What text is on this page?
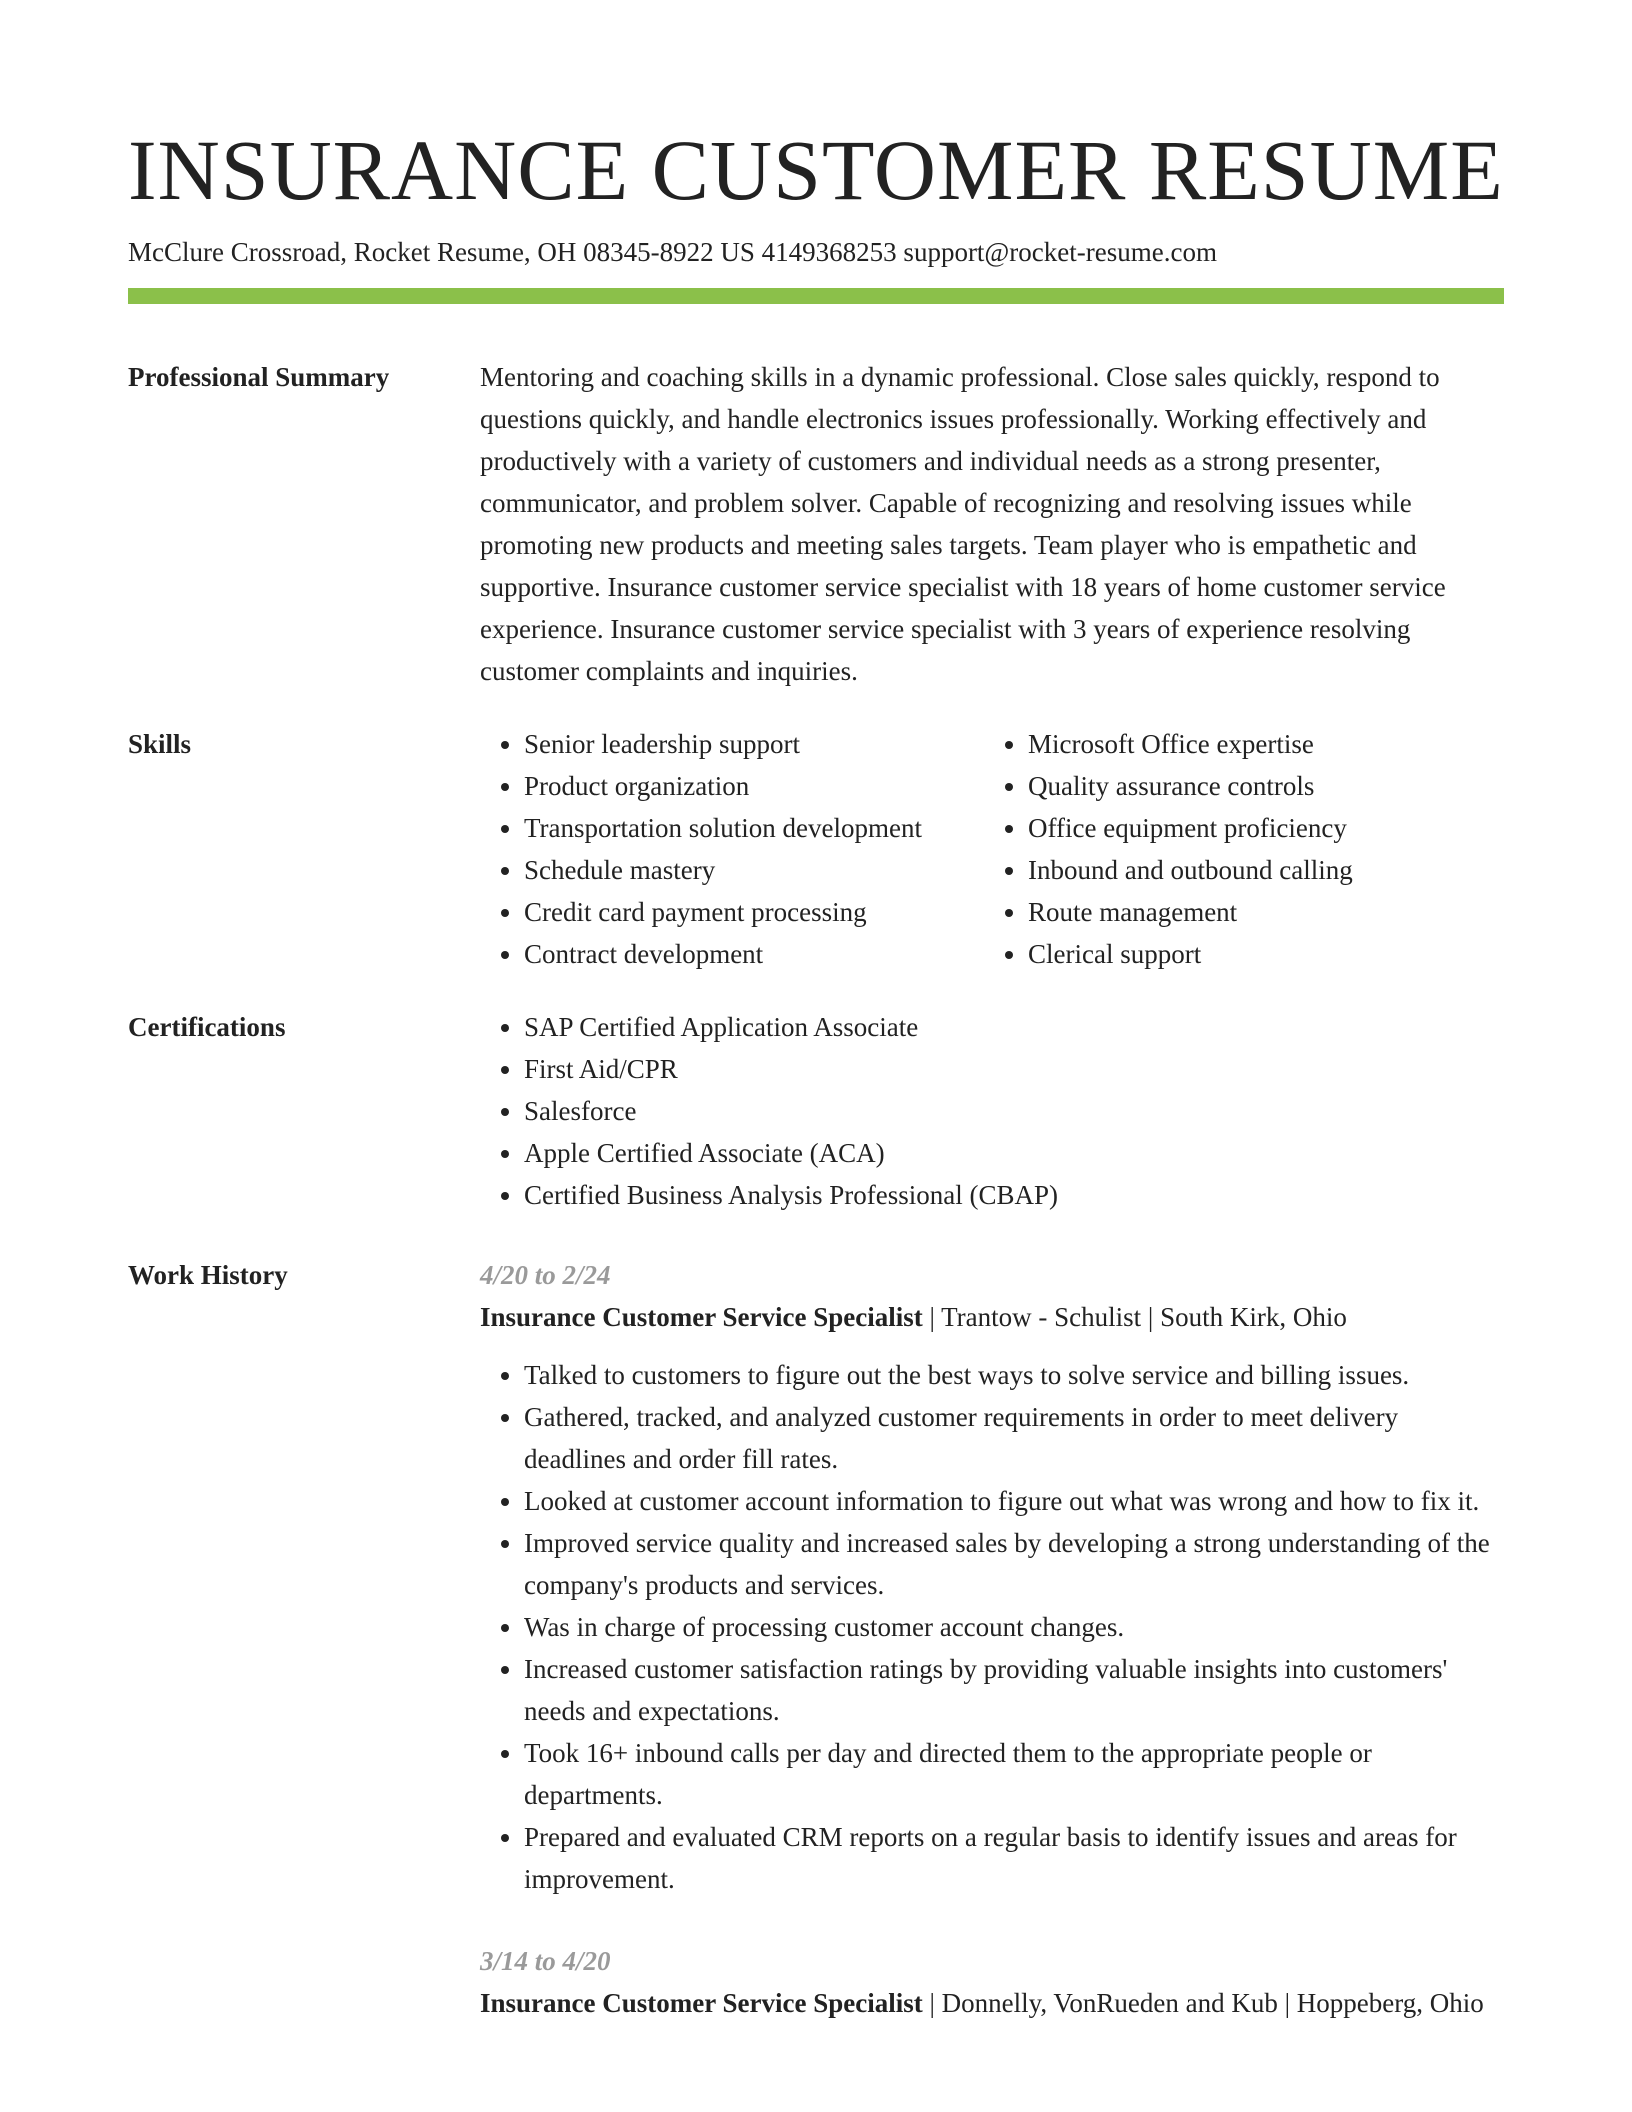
INSURANCE CUSTOMER RESUME
McClure Crossroad, Rocket Resume, OH 08345-8922 US 4149368253 support@rocket-resume.com
Professional Summary	Mentoring and coaching skills in a dynamic professional. Close sales quickly, respond to questions quickly, and handle electronics issues professionally. Working effectively and productively with a variety of customers and individual needs as a strong presenter, communicator, and problem solver. Capable of recognizing and resolving issues while promoting new products and meeting sales targets. Team player who is empathetic and supportive. Insurance customer service specialist with 18 years of home customer service experience. Insurance customer service specialist with 3 years of experience resolving customer complaints and inquiries.

Skills	• Senior leadership support
• Product organization
• Transportation solution development
• Schedule mastery
• Credit card payment processing
• Contract development
• Microsoft Office expertise
• Quality assurance controls
• Office equipment proficiency
• Inbound and outbound calling
• Route management
• Clerical support
Certifications	• SAP Certified Application Associate
• First Aid/CPR
• Salesforce
• Apple Certified Associate (ACA)
• Certified Business Analysis Professional (CBAP)
Work History	4/20 to 2/24
Insurance Customer Service Specialist | Trantow - Schulist | South Kirk, Ohio
• Talked to customers to figure out the best ways to solve service and billing issues.
• Gathered, tracked, and analyzed customer requirements in order to meet delivery deadlines and order fill rates.
• Looked at customer account information to figure out what was wrong and how to fix it.
• Improved service quality and increased sales by developing a strong understanding of the company's products and services.
• Was in charge of processing customer account changes.
• Increased customer satisfaction ratings by providing valuable insights into customers' needs and expectations.
• Took 16+ inbound calls per day and directed them to the appropriate people or departments.
• Prepared and evaluated CRM reports on a regular basis to identify issues and areas for improvement.
3/14 to 4/20
Insurance Customer Service Specialist | Donnelly, VonRueden and Kub | Hoppeberg, Ohio
